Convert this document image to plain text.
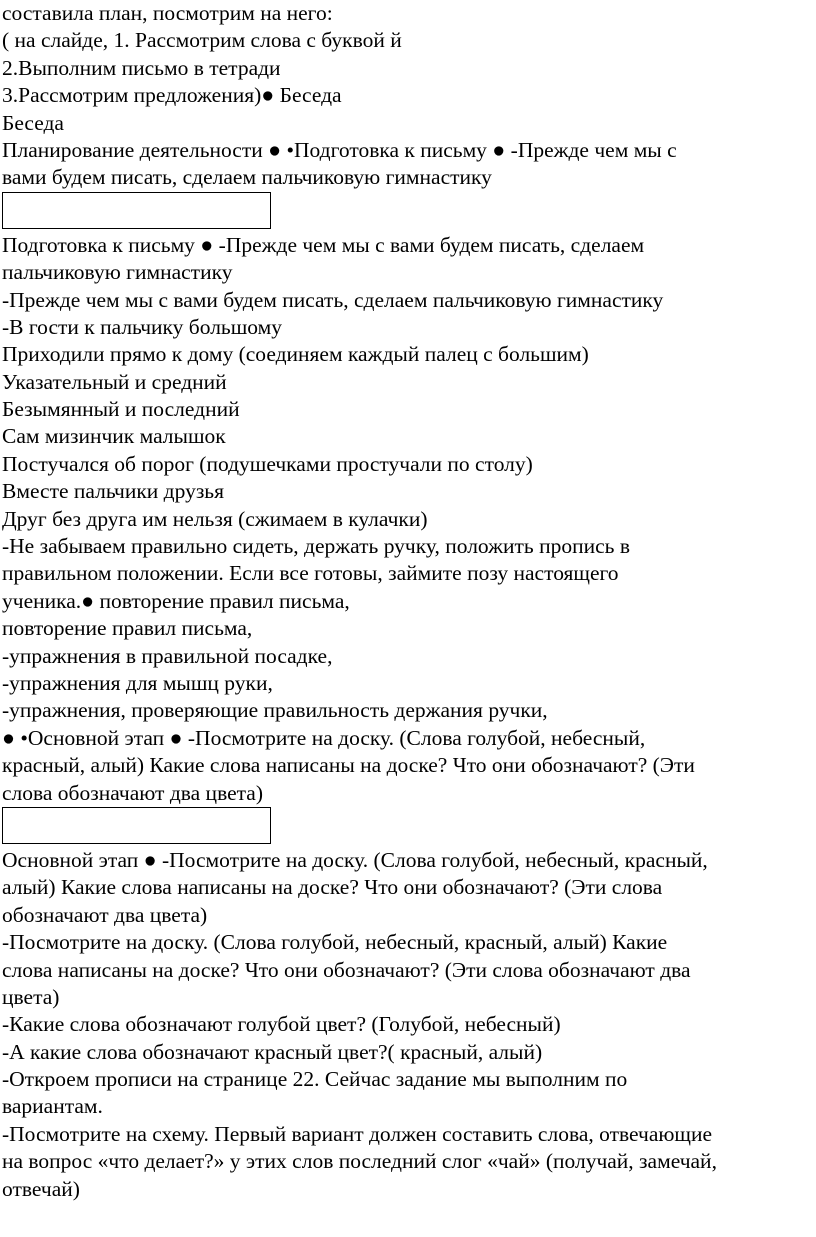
составила план, посмотрим на него:
( на слайде, 1. Рассмотрим слова с буквой й
2.Выполним письмо в тетради
3.Рассмотрим предложения)● Беседа
Беседа
Планирование деятельности ● •Подготовка к письму ● -Прежде чем мы с
вами будем писать, сделаем пальчиковую гимнастику
Подготовка к письму ● -Прежде чем мы с вами будем писать, сделаем
пальчиковую гимнастику
-Прежде чем мы с вами будем писать, сделаем пальчиковую гимнастику
-В гости к пальчику большому
Приходили прямо к дому (соединяем каждый палец с большим)
Указательный и средний
Безымянный и последний
Сам мизинчик малышок
Постучался об порог (подушечками простучали по столу)
Вместе пальчики друзья
Друг без друга им нельзя (сжимаем в кулачки)
-Не забываем правильно сидеть, держать ручку, положить пропись в
правильном положении. Если все готовы, займите позу настоящего
ученика.● повторение правил письма,
повторение правил письма,
-упражнения в правильной посадке,
-упражнения для мышц руки,
-упражнения, проверяющие правильность держания ручки,
● •Основной этап ● -Посмотрите на доску. (Слова голубой, небесный,
красный, алый) Какие слова написаны на доске? Что они обозначают? (Эти
слова обозначают два цвета)
Основной этап ● -Посмотрите на доску. (Слова голубой, небесный, красный,
алый) Какие слова написаны на доске? Что они обозначают? (Эти слова
обозначают два цвета)
-Посмотрите на доску. (Слова голубой, небесный, красный, алый) Какие
слова написаны на доске? Что они обозначают? (Эти слова обозначают два
цвета)
-Какие слова обозначают голубой цвет? (Голубой, небесный)
-А какие слова обозначают красный цвет?( красный, алый)
-Откроем прописи на странице 22. Сейчас задание мы выполним по
вариантам.
-Посмотрите на схему. Первый вариант должен составить слова, отвечающие
на вопрос «что делает?» у этих слов последний слог «чай» (получай, замечай,
отвечай)
